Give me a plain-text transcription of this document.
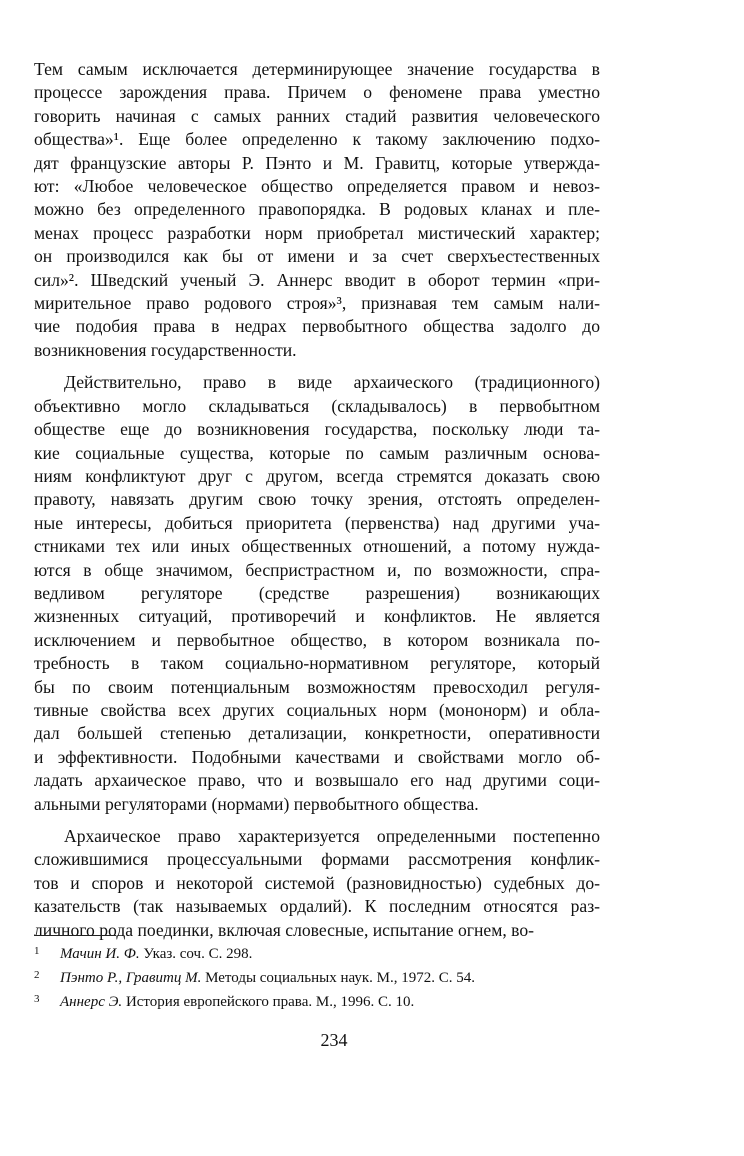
Тем самым исключается детерминирующее значение государства в
процессе зарождения права. Причем о феномене права уместно
говорить начиная с самых ранних стадий развития человеческого
общества»¹. Еще более определенно к такому заключению подхо-
дят французские авторы Р. Пэнто и М. Гравитц, которые утвержда-
ют: «Любое человеческое общество определяется правом и невоз-
можно без определенного правопорядка. В родовых кланах и пле-
менах процесс разработки норм приобретал мистический характер;
он производился как бы от имени и за счет сверхъестественных
сил»². Шведский ученый Э. Аннерс вводит в оборот термин «при-
мирительное право родового строя»³, признавая тем самым нали-
чие подобия права в недрах первобытного общества задолго до
возникновения государственности.
Действительно, право в виде архаического (традиционного)
объективно могло складываться (складывалось) в первобытном
обществе еще до возникновения государства, поскольку люди та-
кие социальные существа, которые по самым различным основа-
ниям конфликтуют друг с другом, всегда стремятся доказать свою
правоту, навязать другим свою точку зрения, отстоять определен-
ные интересы, добиться приоритета (первенства) над другими уча-
стниками тех или иных общественных отношений, а потому нужда-
ются в обще значимом, беспристрастном и, по возможности, спра-
ведливом регуляторе (средстве разрешения) возникающих
жизненных ситуаций, противоречий и конфликтов. Не является
исключением и первобытное общество, в котором возникала по-
требность в таком социально-нормативном регуляторе, который
бы по своим потенциальным возможностям превосходил регуля-
тивные свойства всех других социальных норм (мононорм) и обла-
дал большей степенью детализации, конкретности, оперативности
и эффективности. Подобными качествами и свойствами могло об-
ладать архаическое право, что и возвышало его над другими соци-
альными регуляторами (нормами) первобытного общества.
Архаическое право характеризуется определенными постепенно
сложившимися процессуальными формами рассмотрения конфлик-
тов и споров и некоторой системой (разновидностью) судебных до-
казательств (так называемых ордалий). К последним относятся раз-
личного рода поединки, включая словесные, испытание огнем, во-
1 Мачин И. Ф. Указ. соч. С. 298.
2 Пэнто Р., Гравитц М. Методы социальных наук. М., 1972. С. 54.
3 Аннерс Э. История европейского права. М., 1996. С. 10.
234
